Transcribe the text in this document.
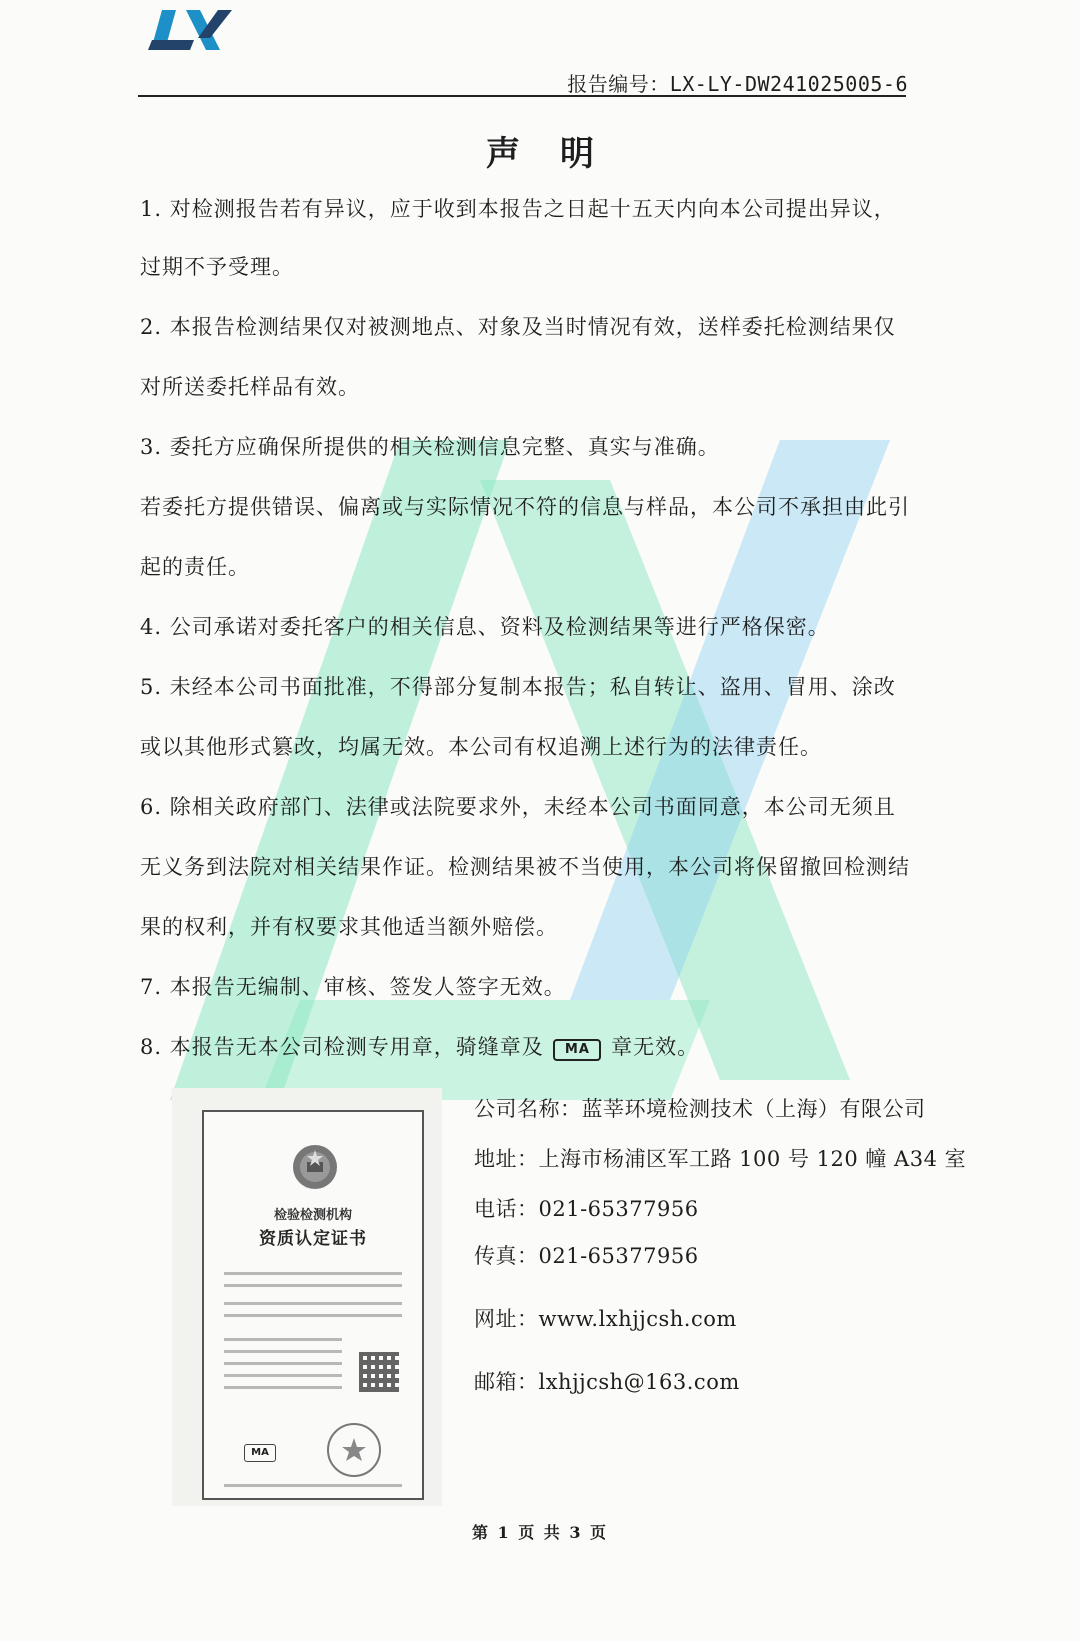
报告编号：LX-LY-DW241025005-6
声明
1. 对检测报告若有异议，应于收到本报告之日起十五天内向本公司提出异议，
过期不予受理。
2. 本报告检测结果仅对被测地点、对象及当时情况有效，送样委托检测结果仅
对所送委托样品有效。
3. 委托方应确保所提供的相关检测信息完整、真实与准确。
若委托方提供错误、偏离或与实际情况不符的信息与样品，本公司不承担由此引
起的责任。
4. 公司承诺对委托客户的相关信息、资料及检测结果等进行严格保密。
5. 未经本公司书面批准，不得部分复制本报告；私自转让、盗用、冒用、涂改
或以其他形式篡改，均属无效。本公司有权追溯上述行为的法律责任。
6. 除相关政府部门、法律或法院要求外，未经本公司书面同意，本公司无须且
无义务到法院对相关结果作证。检测结果被不当使用，本公司将保留撤回检测结
果的权利，并有权要求其他适当额外赔偿。
7. 本报告无编制、审核、签发人签字无效。
8. 本报告无本公司检测专用章，骑缝章及 MA 章无效。
检验检测机构
资质认定证书
MA
公司名称：蓝莘环境检测技术（上海）有限公司
地址：上海市杨浦区军工路 100 号 120 幢 A34 室
电话：021-65377956
传真：021-65377956
网址：www.lxhjjcsh.com
邮箱：lxhjjcsh@163.com
第 1 页 共 3 页
